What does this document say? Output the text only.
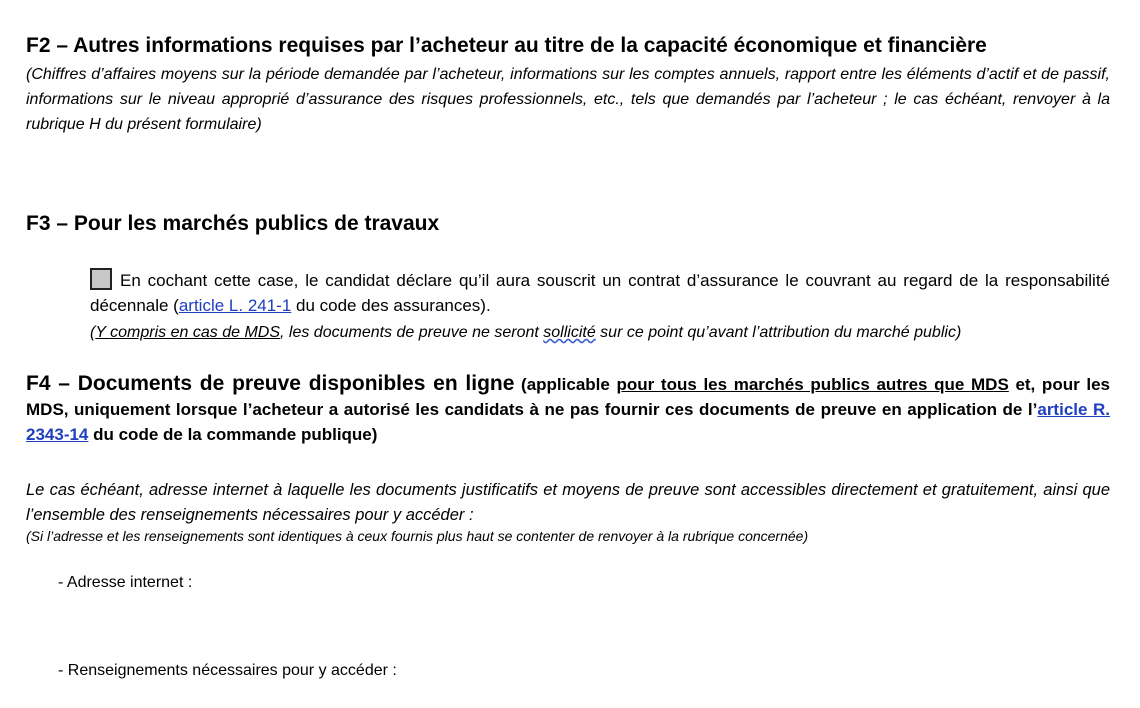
F2 – Autres informations requises par l’acheteur au titre de la capacité économique et financière

(Chiffres d’affaires moyens sur la période demandée par l’acheteur, informations sur les comptes annuels, rapport entre les éléments d’actif et de passif, informations sur le niveau approprié d’assurance des risques professionnels, etc., tels que demandés par l’acheteur ; le cas échéant, renvoyer à la rubrique H du présent formulaire)

F3 – Pour les marchés publics de travaux
En cochant cette case, le candidat déclare qu’il aura souscrit un contrat d’assurance le couvrant au regard de la responsabilité décennale (article L. 241-1 du code des assurances).
(Y compris en cas de MDS, les documents de preuve ne seront sollicité sur ce point qu’avant l’attribution du marché public)
F4 – Documents de preuve disponibles en ligne (applicable pour tous les marchés publics autres que MDS et, pour les MDS, uniquement lorsque l’acheteur a autorisé les candidats à ne pas fournir ces documents de preuve en application de l’article R. 2343-14 du code de la commande publique)

Le cas échéant, adresse internet à laquelle les documents justificatifs et moyens de preuve sont accessibles directement et gratuitement, ainsi que l’ensemble des renseignements nécessaires pour y accéder :

(Si l’adresse et les renseignements sont identiques à ceux fournis plus haut se contenter de renvoyer à la rubrique concernée)

- Adresse internet :
- Renseignements nécessaires pour y accéder :
